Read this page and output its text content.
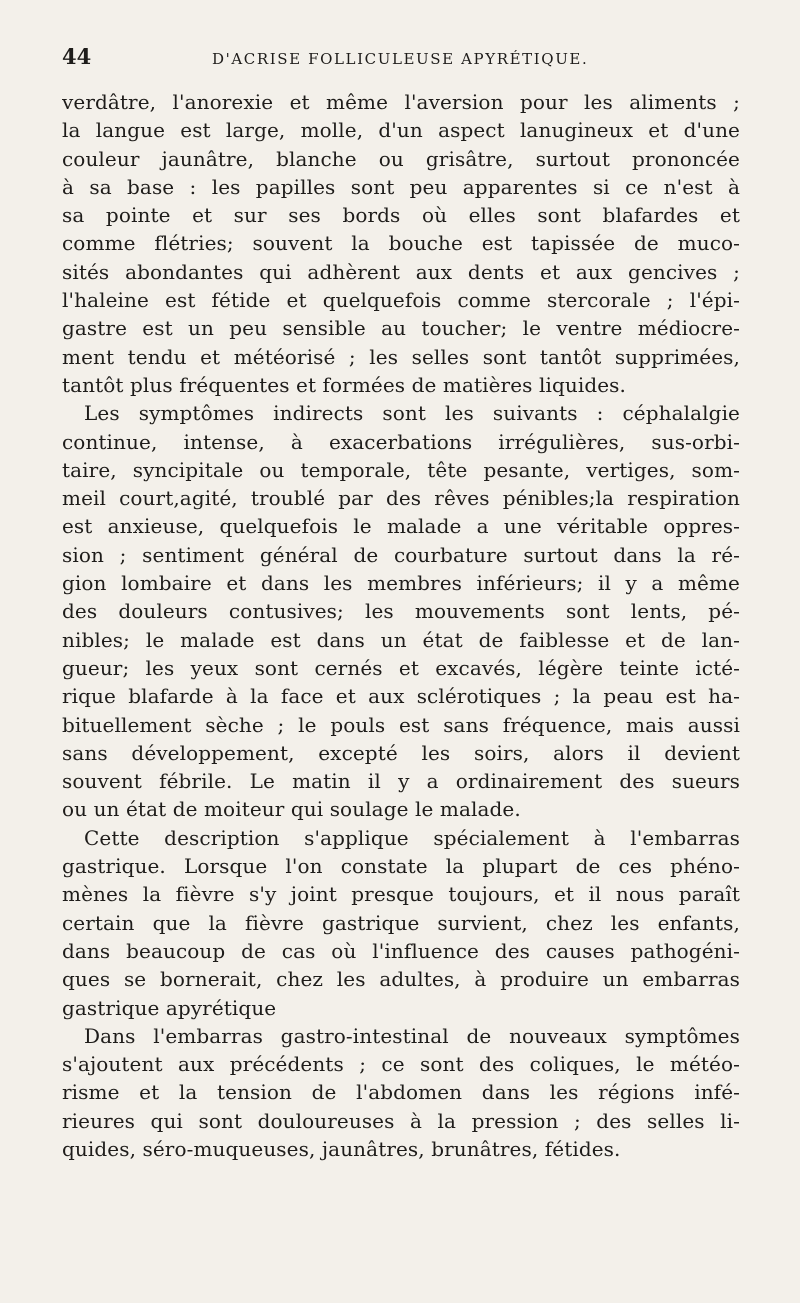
44	D'ACRISE FOLLICULEUSE APYRÉTIQUE.
verdâtre, l'anorexie et même l'aversion pour les aliments ;
la langue est large, molle, d'un aspect lanugineux et d'une
couleur jaunâtre, blanche ou grisâtre, surtout prononcée
à sa base : les papilles sont peu apparentes si ce n'est à
sa pointe et sur ses bords où elles sont blafardes et
comme flétries; souvent la bouche est tapissée de muco-
sités abondantes qui adhèrent aux dents et aux gencives ;
l'haleine est fétide et quelquefois comme stercorale ; l'épi-
gastre est un peu sensible au toucher; le ventre médiocre-
ment tendu et météorisé ; les selles sont tantôt supprimées,
tantôt plus fréquentes et formées de matières liquides.
Les symptômes indirects sont les suivants : céphalalgie
continue, intense, à exacerbations irrégulières, sus-orbi-
taire, syncipitale ou temporale, tête pesante, vertiges, som-
meil court,agité, troublé par des rêves pénibles;la respiration
est anxieuse, quelquefois le malade a une véritable oppres-
sion ; sentiment général de courbature surtout dans la ré-
gion lombaire et dans les membres inférieurs; il y a même
des douleurs contusives; les mouvements sont lents, pé-
nibles; le malade est dans un état de faiblesse et de lan-
gueur; les yeux sont cernés et excavés, légère teinte icté-
rique blafarde à la face et aux sclérotiques ; la peau est ha-
bituellement sèche ; le pouls est sans fréquence, mais aussi
sans développement, excepté les soirs, alors il devient
souvent fébrile. Le matin il y a ordinairement des sueurs
ou un état de moiteur qui soulage le malade.
Cette description s'applique spécialement à l'embarras
gastrique. Lorsque l'on constate la plupart de ces phéno-
mènes la fièvre s'y joint presque toujours, et il nous paraît
certain que la fièvre gastrique survient, chez les enfants,
dans beaucoup de cas où l'influence des causes pathogéni-
ques se bornerait, chez les adultes, à produire un embarras
gastrique apyrétique
Dans l'embarras gastro-intestinal de nouveaux symptômes
s'ajoutent aux précédents ; ce sont des coliques, le météo-
risme et la tension de l'abdomen dans les régions infé-
rieures qui sont douloureuses à la pression ; des selles li-
quides, séro-muqueuses, jaunâtres, brunâtres, fétides.
